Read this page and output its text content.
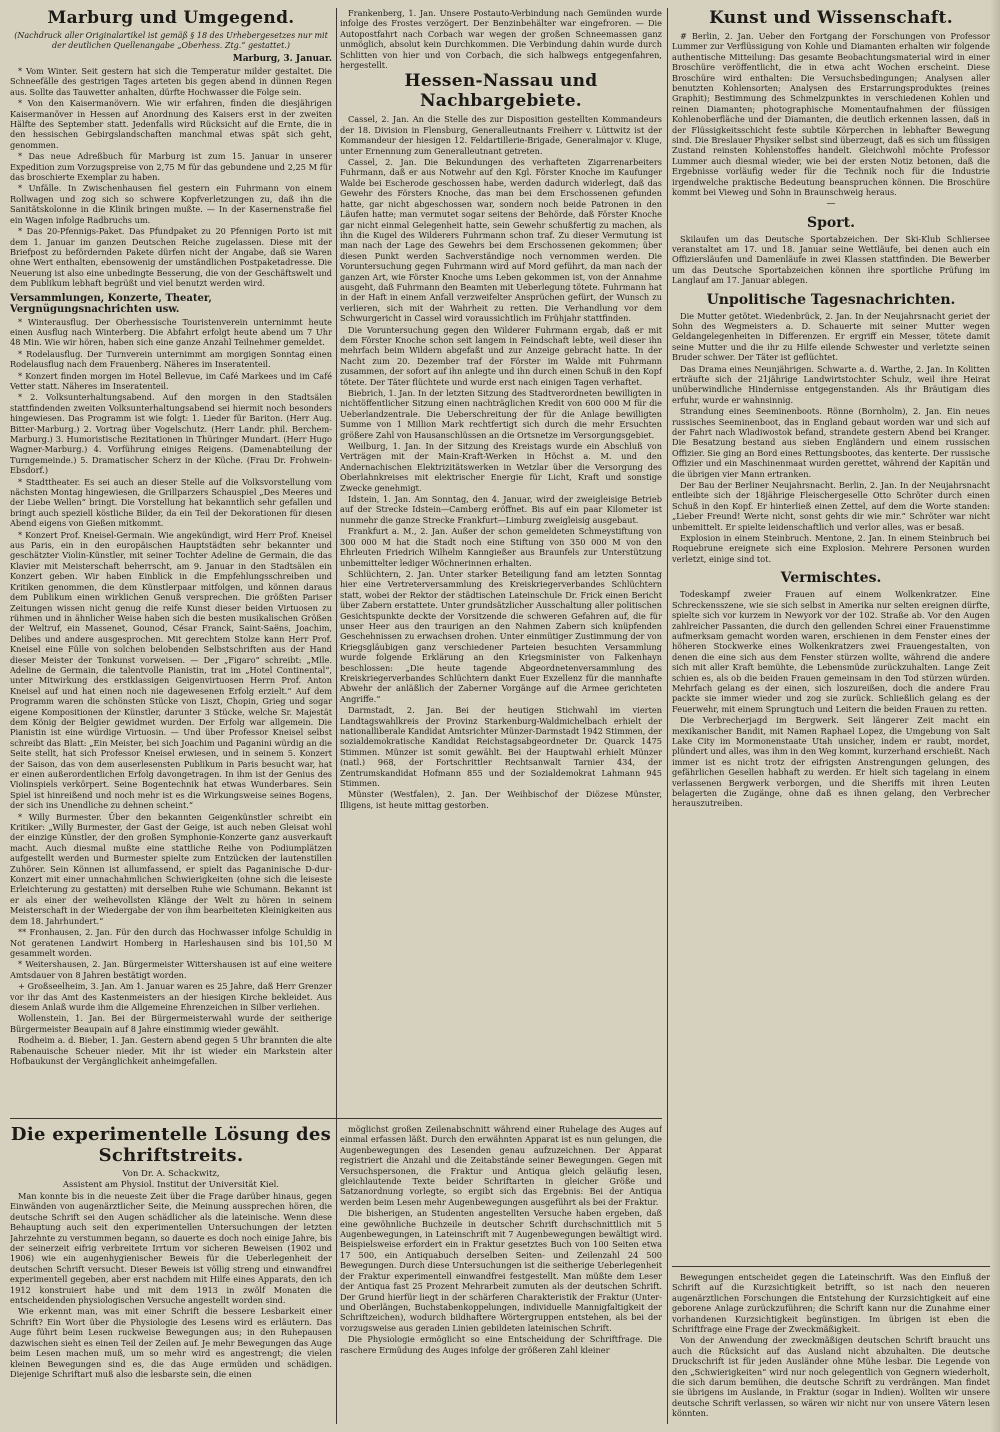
Marburg und Umgegend.
(Nachdruck aller Originalartikel ist gemäß § 18 des Urhebergesetzes nur mit der deutlichen Quellenangabe „Oberhess. Ztg.“ gestattet.)
Marburg, 3. Januar.

* Vom Winter. Seit gestern hat sich die Temperatur milder gestaltet. Die Schneefälle des gestrigen Tages arteten bis gegen abend in dünnen Regen aus. Sollte das Tauwetter anhalten, dürfte Hochwasser die Folge sein.

* Von den Kaisermanövern. Wie wir erfahren, finden die diesjährigen Kaisermanöver in Hessen auf Anordnung des Kaisers erst in der zweiten Hälfte des September statt. Jedenfalls wird Rücksicht auf die Ernte, die in den hessischen Gebirgslandschaften manchmal etwas spät sich geht, genommen.

* Das neue Adreßbuch für Marburg ist zum 15. Januar in unserer Expedition zum Vorzugspreise von 2,75 M für das gebundene und 2,25 M für das broschierte Exemplar zu haben.

* Unfälle. In Zwischenhausen fiel gestern ein Fuhrmann von einem Rollwagen und zog sich so schwere Kopfverletzungen zu, daß ihn die Sanitätskolonne in die Klinik bringen mußte. — In der Kasernenstraße fiel ein Wagen infolge Radbruchs um.

* Das 20-Pfennigs-Paket. Das Pfundpaket zu 20 Pfennigen Porto ist mit dem 1. Januar im ganzen Deutschen Reiche zugelassen. Diese mit der Briefpost zu befördernden Pakete dürfen nicht der Angabe, daß sie Waren ohne Wert enthalten, ebensowenig der umständlichen Postpaketadresse. Die Neuerung ist also eine unbedingte Besserung, die von der Geschäftswelt und dem Publikum lebhaft begrüßt und viel benutzt werden wird.

Versammlungen, Konzerte, Theater, Vergnügungsnachrichten usw.

* Winterausflug. Der Oberhessische Touristenverein unternimmt heute einen Ausflug nach Winterberg. Die Abfahrt erfolgt heute abend um 7 Uhr 48 Min. Wie wir hören, haben sich eine ganze Anzahl Teilnehmer gemeldet.

* Rodelausflug. Der Turnverein unternimmt am morgigen Sonntag einen Rodelausflug nach dem Frauenberg. Näheres im Inseratenteil.

* Konzert finden morgen im Hotel Bellevue, im Café Markees und im Café Vetter statt. Näheres im Inseratenteil.

* 2. Volksunterhaltungsabend. Auf den morgen in den Stadtsälen stattfindenden zweiten Volksunterhaltungsabend sei hiermit noch besonders hingewiesen. Das Programm ist wie folgt: 1. Lieder für Bariton. (Herr Aug. Bitter-Marburg.) 2. Vortrag über Vogelschutz. (Herr Landr. phil. Berchem-Marburg.) 3. Humoristische Rezitationen in Thüringer Mundart. (Herr Hugo Wagner-Marburg.) 4. Vorführung einiges Reigens. (Damenabteilung der Turngemeinde.) 5. Dramatischer Scherz in der Küche. (Frau Dr. Frohwein-Ebsdorf.)

* Stadttheater. Es sei auch an dieser Stelle auf die Volksvorstellung vom nächsten Montag hingewiesen, die Grillparzers Schauspiel „Des Meeres und der Liebe Wellen“ bringt. Die Vorstellung hat bekanntlich sehr gefallen und bringt auch speziell köstliche Bilder, da ein Teil der Dekorationen für diesen Abend eigens von Gießen mitkommt.

* Konzert Prof. Kneisel-Germain. Wie angekündigt, wird Herr Prof. Kneisel aus Paris, ein in den europäischen Hauptstädten sehr bekannter und geschätzter Violin-Künstler, mit seiner Tochter Adeline de Germain, die das Klavier mit Meisterschaft beherrscht, am 9. Januar in den Stadtsälen ein Konzert geben. Wir haben Einblick in die Empfehlungsschreiben und Kritiken genommen, die dem Künstlerpaar mitfolgen, und können daraus dem Publikum einen wirklichen Genuß versprechen. Die größten Pariser Zeitungen wissen nicht genug die reife Kunst dieser beiden Virtuosen zu rühmen und in ähnlicher Weise haben sich die besten musikalischen Größen der Weltruf, ein Massenet, Gounod, César Franck, Saint-Saëns, Joachim, Delibes und andere ausgesprochen. Mit gerechtem Stolze kann Herr Prof. Kneisel eine Fülle von solchen belobenden Selbstschriften aus der Hand dieser Meister der Tonkunst vorweisen. — Der „Figaro“ schreibt: „Mlle. Adeline de Germain, die talentvolle Pianistin, trat im „Hotel Continental“, unter Mitwirkung des erstklassigen Geigenvirtuosen Herrn Prof. Anton Kneisel auf und hat einen noch nie dagewesenen Erfolg erzielt.“ Auf dem Programm waren die schönsten Stücke von Liszt, Chopin, Grieg und sogar eigene Kompositionen der Künstler, darunter 3 Stücke, welche Sr. Majestät dem König der Belgier gewidmet wurden. Der Erfolg war allgemein. Die Pianistin ist eine würdige Virtuosin. — Und über Professor Kneisel selbst schreibt das Blatt: „Ein Meister, bei sich Joachim und Paganini würdig an die Seite stellt, hat sich Professor Kneisel erwiesen, und in seinem 5. Konzert der Saison, das von dem auserlesensten Publikum in Paris besucht war, hat er einen außerordentlichen Erfolg davongetragen. In ihm ist der Genius des Violinspiels verkörpert. Seine Bogentechnik hat etwas Wunderbares. Sein Spiel ist hinreißend und noch mehr ist es die Wirkungsweise seines Bogens, der sich ins Unendliche zu dehnen scheint.“

* Willy Burmester. Über den bekannten Geigenkünstler schreibt ein Kritiker: „Willy Burmester, der Gast der Geige, ist auch neben Gleisat wohl der einzige Künstler, der den großen Symphonie-Konzerte ganz ausverkauft macht. Auch diesmal mußte eine stattliche Reihe von Podiumplätzen aufgestellt werden und Burmester spielte zum Entzücken der lautenstillen Zuhörer. Sein Können ist allumfassend, er spielt das Paganinische D-dur-Konzert mit einer unnachahmlichen Schwierigkeiten (ohne sich die leiseste Erleichterung zu gestatten) mit derselben Ruhe wie Schumann. Bekannt ist er als einer der weihevollsten Klänge der Welt zu hören in seinem Meisterschaft in der Wiedergabe der von ihm bearbeiteten Kleinigkeiten aus dem 18. Jahrhundert.“

** Fronhausen, 2. Jan. Für den durch das Hochwasser infolge Schuldig in Not geratenen Landwirt Homberg in Harleshausen sind bis 101,50 M gesammelt worden.

* Weitershausen, 2. Jan. Bürgermeister Wittershausen ist auf eine weitere Amtsdauer von 8 Jahren bestätigt worden.

+ Großseelheim, 3. Jan. Am 1. Januar waren es 25 Jahre, daß Herr Grenzer vor ihr das Amt des Kastenmeisters an der hiesigen Kirche bekleidet. Aus diesem Anlaß wurde ihm die Allgemeine Ehrenzeichen in Silber verliehen.

Wollenstein, 1. Jan. Bei der Bürgermeisterwahl wurde der seitherige Bürgermeister Beaupain auf 8 Jahre einstimmig wieder gewählt.

Rodheim a. d. Bieber, 1. Jan. Gestern abend gegen 5 Uhr brannten die alte Rabenauische Scheuer nieder. Mit ihr ist wieder ein Markstein alter Hofbaukunst der Vergänglichkeit anheimgefallen.

Frankenberg, 1. Jan. Unsere Postauto-Verbindung nach Gemünden wurde infolge des Frostes verzögert. Der Benzinbehälter war eingefroren. — Die Autopostfahrt nach Corbach war wegen der großen Schneemassen ganz unmöglich, absolut kein Durchkommen. Die Verbindung dahin wurde durch Schlitten von hier und von Corbach, die sich halbwegs entgegenfahren, hergestellt.

Hessen-Nassau und Nachbargebiete.

Cassel, 2. Jan. An die Stelle des zur Disposition gestellten Kommandeurs der 18. Division in Flensburg, Generalleutnants Freiherr v. Lüttwitz ist der Kommandeur der hiesigen 12. Feldartillerie-Brigade, Generalmajor v. Kluge, unter Ernennung zum Generalleutnant getreten.

Cassel, 2. Jan. Die Bekundungen des verhafteten Zigarrenarbeiters Fuhrmann, daß er aus Notwehr auf den Kgl. Förster Knoche im Kaufunger Walde bei Escherode geschossen habe, werden dadurch widerlegt, daß das Gewehr des Försters Knoche, das man bei dem Erschossenen gefunden hatte, gar nicht abgeschossen war, sondern noch beide Patronen in den Läufen hatte; man vermutet sogar seitens der Behörde, daß Förster Knoche gar nicht einmal Gelegenheit hatte, sein Gewehr schußfertig zu machen, als ihn die Kugel des Wilderers Fuhrmann schon traf. Zu dieser Vermutung ist man nach der Lage des Gewehrs bei dem Erschossenen gekommen; über diesen Punkt werden Sachverständige noch vernommen werden. Die Voruntersuchung gegen Fuhrmann wird auf Mord geführt, da man nach der ganzen Art, wie Förster Knoche ums Leben gekommen ist, von der Annahme ausgeht, daß Fuhrmann den Beamten mit Ueberlegung tötete. Fuhrmann hat in der Haft in einem Anfall verzweifelter Ansprüchen gefürt, der Wunsch zu verlieren, sich mit der Wahrheit zu retten. Die Verhandlung vor dem Schwurgericht in Cassel wird voraussichtlich im Frühjahr stattfinden.

Die Voruntersuchung gegen den Wilderer Fuhrmann ergab, daß er mit dem Förster Knoche schon seit langem in Feindschaft lebte, weil dieser ihn mehrfach beim Wildern abgefaßt und zur Anzeige gebracht hatte. In der Nacht zum 20. Dezember traf der Förster im Walde mit Fuhrmann zusammen, der sofort auf ihn anlegte und ihn durch einen Schuß in den Kopf tötete. Der Täter flüchtete und wurde erst nach einigen Tagen verhaftet.

Biebrich, 1. Jan. In der letzten Sitzung des Stadtverordneten bewilligten in nichtöffentlicher Sitzung einen nachträglichen Kredit von 600 000 M für die Ueberlandzentrale. Die Ueberschreitung der für die Anlage bewilligten Summe von 1 Million Mark rechtfertigt sich durch die mehr Ersuchten größere Zahl von Hausanschlüssen an die Ortsnetze im Versorgungsgebiet.

Weilburg, 1. Jan. In der Sitzung des Kreistags wurde ein Abschluß von Verträgen mit der Main-Kraft-Werken in Höchst a. M. und den Andernachischen Elektrizitätswerken in Wetzlar über die Versorgung des Oberlahnkreises mit elektrischer Energie für Licht, Kraft und sonstige Zwecke genehmigt.

Idstein, 1. Jan. Am Sonntag, den 4. Januar, wird der zweigleisige Betrieb auf der Strecke Idstein—Camberg eröffnet. Bis auf ein paar Kilometer ist nunmehr die ganze Strecke Frankfurt—Limburg zweigleisig ausgebaut.

Frankfurt a. M., 2. Jan. Außer der schon gemeldeten Schmeystiftung von 300 000 M hat die Stadt noch eine Stiftung von 350 000 M von den Ehrleuten Friedrich Wilhelm Kanngießer aus Braunfels zur Unterstützung unbemittelter lediger Wöchnerinnen erhalten.

Schlüchtern, 2. Jan. Unter starker Beteiligung fand am letzten Sonntag hier eine Vertreterversammlung des Kreiskriegerverbandes Schlüchtern statt, wobei der Rektor der städtischen Lateinschule Dr. Frick einen Bericht über Zabern erstattete. Unter grundsätzlicher Ausschaltung aller politischen Gesichtspunkte deckte der Vorsitzende die schweren Gefahren auf, die für unser Heer aus den traurigen an den Nahmen Zabern sich knüpfenden Geschehnissen zu erwachsen drohen. Unter einmütiger Zustimmung der von Kriegsgläubigen ganz verschiedener Parteien besuchten Versammlung wurde folgende Erklärung an den Kriegsminister von Falkenhayn beschlossen: „Die heute tagende Abgeordnetenversammlung des Kreiskriegerverbandes Schlüchtern dankt Euer Exzellenz für die mannhafte Abwehr der anläßlich der Zaberner Vorgänge auf die Armee gerichteten Angriffe.“

Darmstadt, 2. Jan. Bei der heutigen Stichwahl im vierten Landtagswahlkreis der Provinz Starkenburg-Waldmichelbach erhielt der nationalliberale Kandidat Amtsrichter Münzer-Darmstadt 1942 Stimmen, der sozialdemokratische Kandidat Reichstagsabgeordneter Dr. Quarck 1475 Stimmen. Münzer ist somit gewählt. Bei der Hauptwahl erhielt Münzer (natl.) 968, der Fortschrittler Rechtsanwalt Tarnier 434, der Zentrumskandidat Hofmann 855 und der Sozialdemokrat Lahmann 945 Stimmen.

Münster (Westfalen), 2. Jan. Der Weihbischof der Diözese Münster, Illigens, ist heute mittag gestorben.

Kunst und Wissenschaft.

# Berlin, 2. Jan. Ueber den Fortgang der Forschungen von Professor Lummer zur Verflüssigung von Kohle und Diamanten erhalten wir folgende authentische Mitteilung: Das gesamte Beobachtungsmaterial wird in einer Broschüre veröffentlicht, die in etwa acht Wochen erscheint. Diese Broschüre wird enthalten: Die Versuchsbedingungen; Analysen aller benutzten Kohlensorten; Analysen des Erstarrungsproduktes (reines Graphit); Bestimmung des Schmelzpunktes in verschiedenen Kohlen und reinen Diamanten; photographische Momentaufnahmen der flüssigen Kohlenoberfläche und der Diamanten, die deutlich erkennen lassen, daß in der Flüssigkeitsschicht feste subtile Körperchen in lebhafter Bewegung sind. Die Breslauer Physiker selbst sind überzeugt, daß es sich um flüssigen Zustand reinsten Kohlenstoffes handelt. Gleichwohl möchte Professor Lummer auch diesmal wieder, wie bei der ersten Notiz betonen, daß die Ergebnisse vorläufig weder für die Technik noch für die Industrie irgendwelche praktische Bedeutung beanspruchen können. Die Broschüre kommt bei Vieweg und Sohn in Braunschweig heraus.

—
Sport.

Skilaufen um das Deutsche Sportabzeichen. Der Ski-Klub Schliersee veranstaltet am 17. und 18. Januar seine Wettläufe, bei denen auch ein Offiziersläufen und Damenläufe in zwei Klassen stattfinden. Die Bewerber um das Deutsche Sportabzeichen können ihre sportliche Prüfung im Langlauf am 17. Januar ablegen.

Unpolitische Tagesnachrichten.

Die Mutter getötet. Wiedenbrück, 2. Jan. In der Neujahrsnacht geriet der Sohn des Wegmeisters a. D. Schauerte mit seiner Mutter wegen Geldangelegenheiten in Differenzen. Er ergriff ein Messer, tötete damit seine Mutter und die ihr zu Hilfe eilende Schwester und verletzte seinen Bruder schwer. Der Täter ist geflüchtet.

Das Drama eines Neunjährigen. Schwarte a. d. Warthe, 2. Jan. In Kolitten erträufte sich der 21jährige Landwirtstochter Schulz, weil ihre Heirat unüberwindliche Hindernisse entgegenstanden. Als ihr Bräutigam dies erfuhr, wurde er wahnsinnig.

Strandung eines Seeminenboots. Rönne (Bornholm), 2. Jan. Ein neues russisches Seeminenboot, das in England gebaut worden war und sich auf der Fahrt nach Wladiwostok befand, strandete gestern Abend bei Kranger. Die Besatzung bestand aus sieben Engländern und einem russischen Offizier. Sie ging an Bord eines Rettungsbootes, das kenterte. Der russische Offizier und ein Maschinenmaat wurden gerettet, während der Kapitän und die übrigen vier Mann ertranken.

Der Bau der Berliner Neujahrsnacht. Berlin, 2. Jan. In der Neujahrsnacht entleibte sich der 18jährige Fleischergeselle Otto Schröter durch einen Schuß in den Kopf. Er hinterließ einen Zettel, auf dem die Worte standen: „Lieber Freund! Werte nicht, sonst gehts dir wie mir.“ Schröter war nicht unbemittelt. Er spielte leidenschaftlich und verlor alles, was er besaß.

Explosion in einem Steinbruch. Mentone, 2. Jan. In einem Steinbruch bei Roquebrune ereignete sich eine Explosion. Mehrere Personen wurden verletzt, einige sind tot.

Vermischtes.

Todeskampf zweier Frauen auf einem Wolkenkratzer. Eine Schreckensszene, wie sie sich selbst in Amerika nur selten ereignen dürfte, spielte sich vor kurzem in Newyork vor der 102. Straße ab. Vor den Augen zahlreicher Passanten, die durch den gellenden Schrei einer Frauenstimme aufmerksam gemacht worden waren, erschienen in dem Fenster eines der höheren Stockwerke eines Wolkenkratzers zwei Frauengestalten, von denen die eine sich aus dem Fenster stürzen wollte, während die andere sich mit aller Kraft bemühte, die Lebensmüde zurückzuhalten. Lange Zeit schien es, als ob die beiden Frauen gemeinsam in den Tod stürzen würden. Mehrfach gelang es der einen, sich loszureißen, doch die andere Frau packte sie immer wieder und zog sie zurück. Schließlich gelang es der Feuerwehr, mit einem Sprungtuch und Leitern die beiden Frauen zu retten.

Die Verbrecherjagd im Bergwerk. Seit längerer Zeit macht ein mexikanischer Bandit, mit Namen Raphael Lopez, die Umgebung von Salt Lake City im Mormonenstaate Utah unsicher, indem er raubt, mordet, plündert und alles, was ihm in den Weg kommt, kurzerhand erschießt. Nach immer ist es nicht trotz der eifrigsten Anstrengungen gelungen, des gefährlichen Gesellen habhaft zu werden. Er hielt sich tagelang in einem verlassenen Bergwerk verborgen, und die Sheriffs mit ihren Leuten belagerten die Zugänge, ohne daß es ihnen gelang, den Verbrecher herauszutreiben.

Die experimentelle Lösung des Schriftstreits.
Von Dr. A. Schackwitz,
Assistent am Physiol. Institut der Universität Kiel.

Man konnte bis in die neueste Zeit über die Frage darüber hinaus, gegen Einwänden von augenärztlicher Seite, die Meinung aussprechen hören, die deutsche Schrift sei den Augen schädlicher als die lateinische. Wenn diese Behauptung auch seit den experimentellen Untersuchungen der letzten Jahrzehnte zu verstummen begann, so dauerte es doch noch einige Jahre, bis der seinerzeit eifrig verbreitete Irrtum vor sicheren Beweisen (1902 und 1906) wie ein augenhygienischer Beweis für die Ueberlegenheit der deutschen Schrift versucht. Dieser Beweis ist völlig streng und einwandfrei experimentell gegeben, aber erst nachdem mit Hilfe eines Apparats, den ich 1912 konstruiert habe und mit dem 1913 in zwölf Monaten die entscheidenden physiologischen Versuche angestellt worden sind.

Wie erkennt man, was mit einer Schrift die bessere Lesbarkeit einer Schrift? Ein Wort über die Physiologie des Lesens wird es erläutern. Das Auge führt beim Lesen ruckweise Bewegungen aus; in den Ruhepausen dazwischen sieht es einen Teil der Zeilen auf. Je mehr Bewegungen das Auge beim Lesen machen muß, um so mehr wird es angestrengt; die vielen kleinen Bewegungen sind es, die das Auge ermüden und schädigen. Diejenige Schriftart muß also die lesbarste sein, die einen

möglichst großen Zeilenabschnitt während einer Ruhelage des Auges auf einmal erfassen läßt. Durch den erwähnten Apparat ist es nun gelungen, die Augenbewegungen des Lesenden genau aufzuzeichnen. Der Apparat registriert die Anzahl und die Zeitabstände seiner Bewegungen. Gegen mit Versuchspersonen, die Fraktur und Antiqua gleich geläufig lesen, gleichlautende Texte beider Schriftarten in gleicher Größe und Satzanordnung vorlegte, so ergibt sich das Ergebnis: Bei der Antiqua werden beim Lesen mehr Augenbewegungen ausgeführt als bei der Fraktur.

Die bisherigen, an Studenten angestellten Versuche haben ergeben, daß eine gewöhnliche Buchzeile in deutscher Schrift durchschnittlich mit 5 Augenbewegungen, in Lateinschrift mit 7 Augenbewegungen bewältigt wird. Beispielsweise erfordert ein in Fraktur gesetztes Buch von 100 Seiten etwa 17 500, ein Antiquabuch derselben Seiten- und Zeilenzahl 24 500 Bewegungen. Durch diese Untersuchungen ist die seitherige Ueberlegenheit der Fraktur experimentell einwandfrei festgestellt. Man müßte dem Leser der Antiqua fast 25 Prozent Mehrarbeit zumuten als der deutschen Schrift. Der Grund hierfür liegt in der schärferen Charakteristik der Fraktur (Unter- und Oberlängen, Buchstabenkoppelungen, individuelle Mannigfaltigkeit der Schriftzeichen), wodurch bildhaftere Wörtergruppen entstehen, als bei der vorzugsweise aus geraden Linien gebildeten lateinischen Schrift.

Die Physiologie ermöglicht so eine Entscheidung der Schriftfrage. Die raschere Ermüdung des Auges infolge der größeren Zahl kleiner

Bewegungen entscheidet gegen die Lateinschrift. Was den Einfluß der Schrift auf die Kurzsichtigkeit betrifft, so ist nach den neueren augenärztlichen Forschungen die Entstehung der Kurzsichtigkeit auf eine geborene Anlage zurückzuführen; die Schrift kann nur die Zunahme einer vorhandenen Kurzsichtigkeit begünstigen. Im übrigen ist eben die Schriftfrage eine Frage der Zweckmäßigkeit.

Von der Anwendung der zweckmäßigen deutschen Schrift braucht uns auch die Rücksicht auf das Ausland nicht abzuhalten. Die deutsche Druckschrift ist für jeden Ausländer ohne Mühe lesbar. Die Legende von den „Schwierigkeiten“ wird nur noch gelegentlich von Gegnern wiederholt, die sich darum bemühen, die deutsche Schrift zu verdrängen. Man findet sie übrigens im Auslande, in Fraktur (sogar in Indien). Wollten wir unsere deutsche Schrift verlassen, so wären wir nicht nur von unsere Vätern lesen könnten.
